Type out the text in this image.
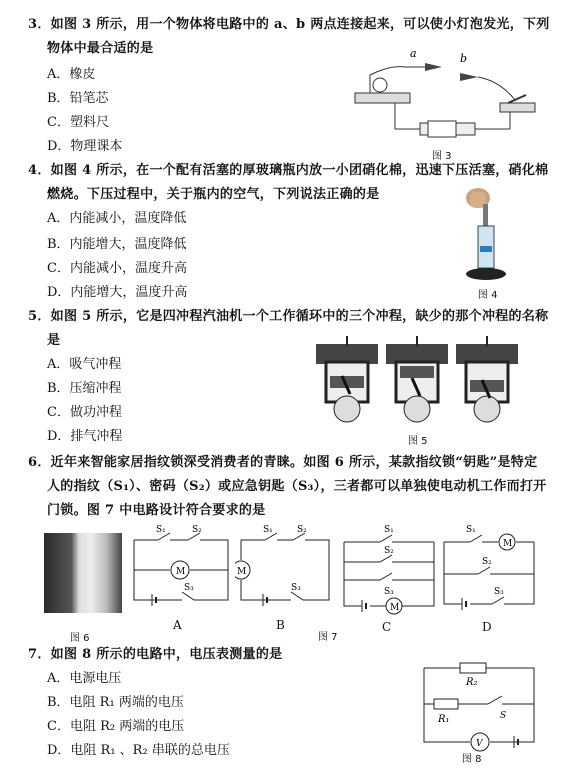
3．如图 3 所示，用一个物体将电路中的 a、b 两点连接起来，可以使小灯泡发光，下列
物体中最合适的是
A．橡皮
B．铅笔芯
C．塑料尺
D．物理课本
a	b
图 3
4．如图 4 所示，在一个配有活塞的厚玻璃瓶内放一小团硝化棉，迅速下压活塞，硝化棉
燃烧。下压过程中，关于瓶内的空气，下列说法正确的是
A．内能减小，温度降低
B．内能增大，温度降低
C．内能减小，温度升高
D．内能增大，温度升高	图 4
5．如图 5 所示，它是四冲程汽油机一个工作循环中的三个冲程，缺少的那个冲程的名称
是
A．吸气冲程
B．压缩冲程
C．做功冲程
D．排气冲程	图 5
6．近年来智能家居指纹锁深受消费者的青睐。如图 6 所示，某款指纹锁“钥匙”是特定
人的指纹（S₁）、密码（S₂）或应急钥匙（S₃），三者都可以单独使电动机工作而打开
门锁。图 7 中电路设计符合要求的是
图 6
M
S₁	S₂
S₃
A
M
S₁	S₂
S₃
B
图 7
M
S₁
S₂
S₃
C
M
S₁
S₂
S₃
D
7．如图 8 所示的电路中，电压表测量的是
A．电源电压
B．电阻 R₁ 两端的电压
C．电阻 R₂ 两端的电压
D．电阻 R₁ 、R₂ 串联的总电压
R₂
R₁	S
V
图 8
